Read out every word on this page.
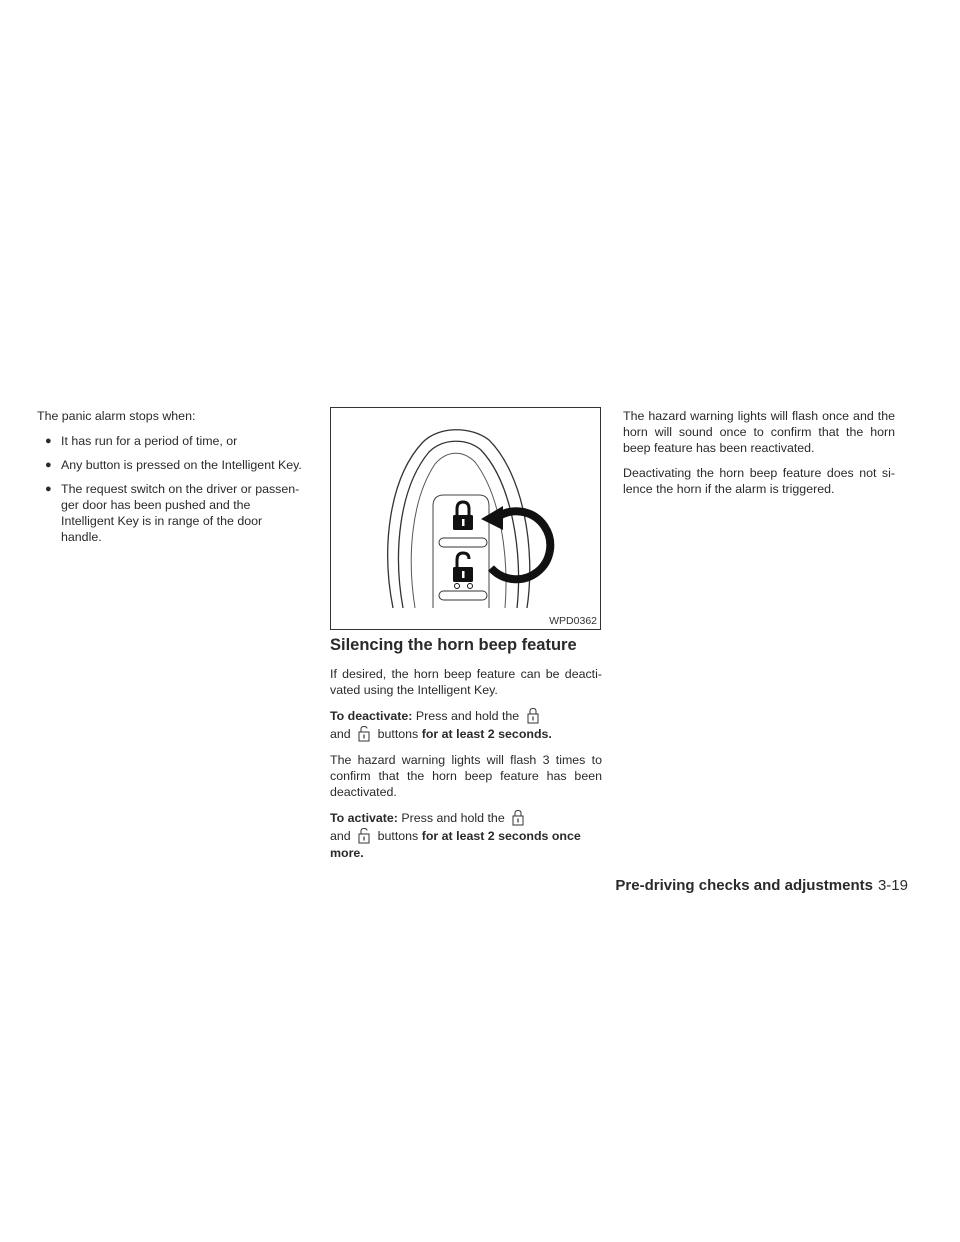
The panic alarm stops when:

● It has run for a period of time, or
● Any button is pressed on the Intelligent Key.
● The request switch on the driver or passen- ger door has been pushed and the Intelligent Key is in range of the door handle.
WPD0362
Silencing the horn beep feature

If desired, the horn beep feature can be deacti- vated using the Intelligent Key.

To deactivate: Press and hold the
and buttons for at least 2 seconds.

The hazard warning lights will flash 3 times to confirm that the horn beep feature has been deactivated.

To activate: Press and hold the
and buttons for at least 2 seconds once more.

The hazard warning lights will flash once and the horn will sound once to confirm that the horn beep feature has been reactivated.

Deactivating the horn beep feature does not si- lence the horn if the alarm is triggered.

Pre-driving checks and adjustments 3-19
